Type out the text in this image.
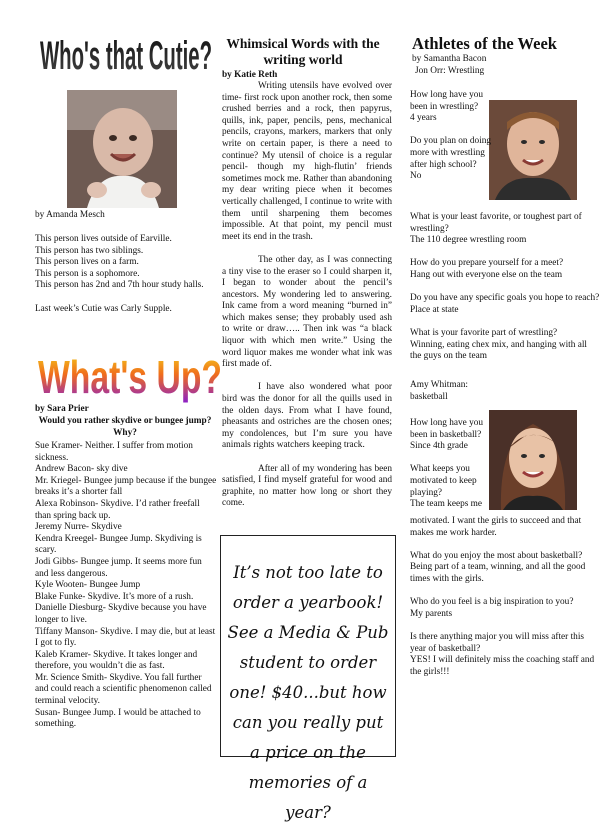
Who's that Cutie?

by Amanda Mesch

This person lives outside of Earville.

This person has two siblings.

This person lives on a farm.

This person is a sophomore.

This person has 2nd and 7th hour study halls.

Last week’s Cutie was Carly Supple.

What's Up?

by Sara Prier

Would you rather skydive or bungee jump? Why?

Sue Kramer- Neither. I suffer from motion sickness.

Andrew Bacon- sky dive

Mr. Kriegel- Bungee jump because if the bungee breaks it’s a shorter fall

Alexa Robinson- Skydive. I’d rather freefall than spring back up.

Jeremy Nurre- Skydive

Kendra Kreegel- Bungee Jump. Skydiving is scary.

Jodi Gibbs- Bungee jump. It seems more fun and less dangerous.

Kyle Wooten- Bungee Jump

Blake Funke- Skydive. It’s more of a rush.

Danielle Diesburg- Skydive because you have longer to live.

Tiffany Manson- Skydive. I may die, but at least I got to fly.

Kaleb Kramer- Skydive. It takes longer and therefore, you wouldn’t die as fast.

Mr. Science Smith- Skydive. You fall further and could reach a scientific phenomenon called terminal velocity.

Susan- Bungee Jump. I would be attached to something.

Whimsical Words with the writing world

by Katie Reth

Writing utensils have evolved over time- first rock upon another rock, then some crushed berries and a rock, then papyrus, quills, ink, paper, pencils, pens, mechanical pencils, crayons, markers, markers that only write on certain paper, is there a need to continue? My utensil of choice is a regular pencil- though my high-flutin’ friends sometimes mock me. Rather than abandoning my dear writing piece when it becomes vertically challenged, I continue to write with them until sharpening them becomes impossible. At that point, my pencil must meet its end in the trash.

The other day, as I was connecting a tiny vise to the eraser so I could sharpen it, I began to wonder about the pencil’s ancestors. My wondering led to answering. Ink came from a word meaning “burned in” which makes sense; they probably used ash to write or draw….. Then ink was “a black liquor with which men write.” Using the word liquor makes me wonder what ink was first made of.

I have also wondered what poor bird was the donor for all the quills used in the olden days. From what I have found, pheasants and ostriches are the chosen ones; my condolences, but I’m sure you have animals rights watchers keeping track.

After all of my wondering has been satisfied, I find myself grateful for wood and graphite, no matter how long or short they come.

It’s not too late to order a yearbook! See a Media & Pub student to order one! $40...but how can you really put a price on the memories of a year?
Athletes of the Week

by Samantha Bacon

Jon Orr: Wrestling

How long have you been in wrestling?

4 years

Do you plan on doing more with wrestling after high school?

No

What is your least favorite, or toughest part of wrestling?

The 110 degree wrestling room

How do you prepare yourself for a meet?

Hang out with everyone else on the team

Do you have any specific goals you hope to reach?

Place at state

What is your favorite part of wrestling?

Winning, eating chex mix, and hanging with all the guys on the team

Amy Whitman: basketball

How long have you been in basketball?

Since 4th grade

What keeps you motivated to keep playing?

The team keeps me

motivated. I want the girls to succeed and that makes me work harder.

What do you enjoy the most about basketball?

Being part of a team, winning, and all the good times with the girls.

Who do you feel is a big inspiration to you?

My parents

Is there anything major you will miss after this year of basketball?

YES! I will definitely miss the coaching staff and the girls!!!
